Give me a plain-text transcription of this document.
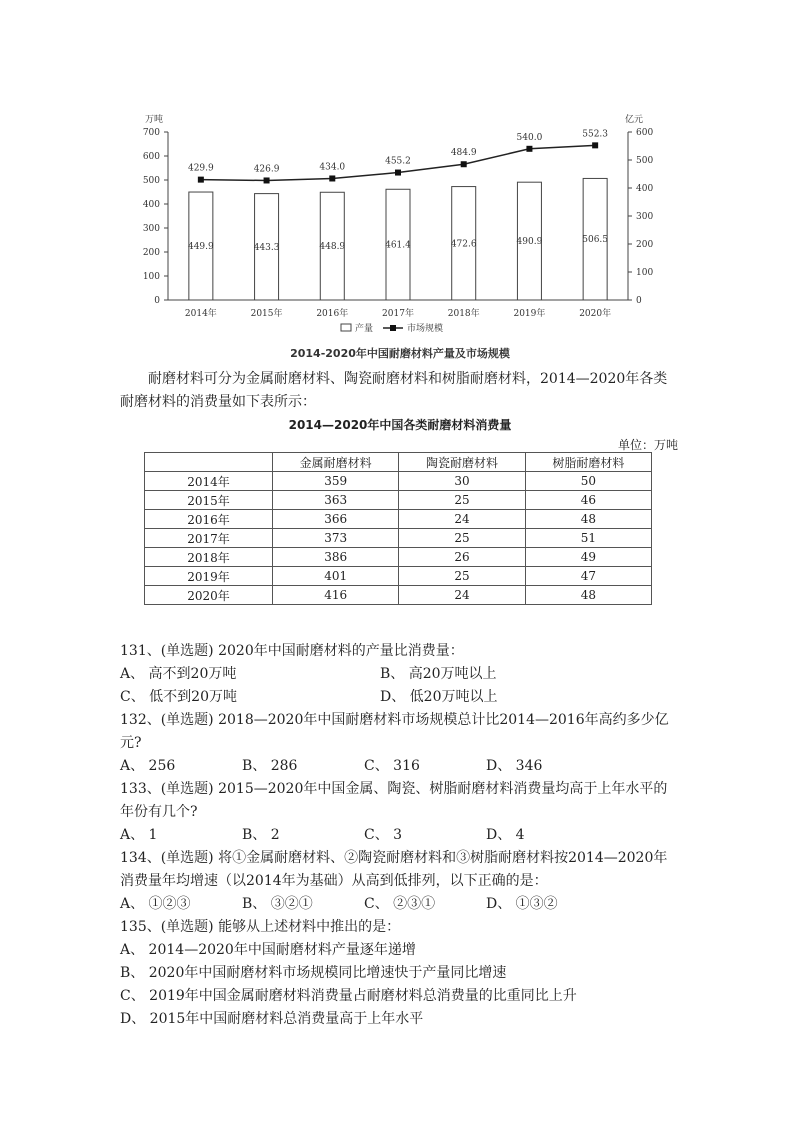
0
100
200
300
400
500
600
700
0
100
200
300
400
500
600
万吨	亿元
449.9
2014年
443.3
2015年
448.9
2016年
461.4
2017年
472.6
2018年
490.9
2019年
506.5
2020年
429.9	426.9	434.0
455.2
484.9
540.0	552.3
产量	市场规模
2014-2020年中国耐磨材料产量及市场规模

耐磨材料可分为金属耐磨材料、陶瓷耐磨材料和树脂耐磨材料，2014—2020年各类耐磨材料的消费量如下表所示：

2014—2020年中国各类耐磨材料消费量
单位：万吨
	金属耐磨材料	陶瓷耐磨材料	树脂耐磨材料
2014年	359	30	50
2015年	363	25	46
2016年	366	24	48
2017年	373	25	51
2018年	386	26	49
2019年	401	25	47
2020年	416	24	48

131、(单选题) 2020年中国耐磨材料的产量比消费量：

A、 高不到20万吨	B、 高20万吨以上
C、 低不到20万吨	D、 低20万吨以上

132、(单选题) 2018—2020年中国耐磨材料市场规模总计比2014—2016年高约多少亿元?

A、 256	B、 286	C、 316	D、 346

133、(单选题) 2015—2020年中国金属、陶瓷、树脂耐磨材料消费量均高于上年水平的年份有几个?

A、 1	B、 2	C、 3	D、 4

134、(单选题) 将①金属耐磨材料、②陶瓷耐磨材料和③树脂耐磨材料按2014—2020年消费量年均增速（以2014年为基础）从高到低排列，以下正确的是：

A、 ①②③	B、 ③②①	C、 ②③①	D、 ①③②

135、(单选题) 能够从上述材料中推出的是：

A、 2014—2020年中国耐磨材料产量逐年递增
B、 2020年中国耐磨材料市场规模同比增速快于产量同比增速
C、 2019年中国金属耐磨材料消费量占耐磨材料总消费量的比重同比上升
D、 2015年中国耐磨材料总消费量高于上年水平
